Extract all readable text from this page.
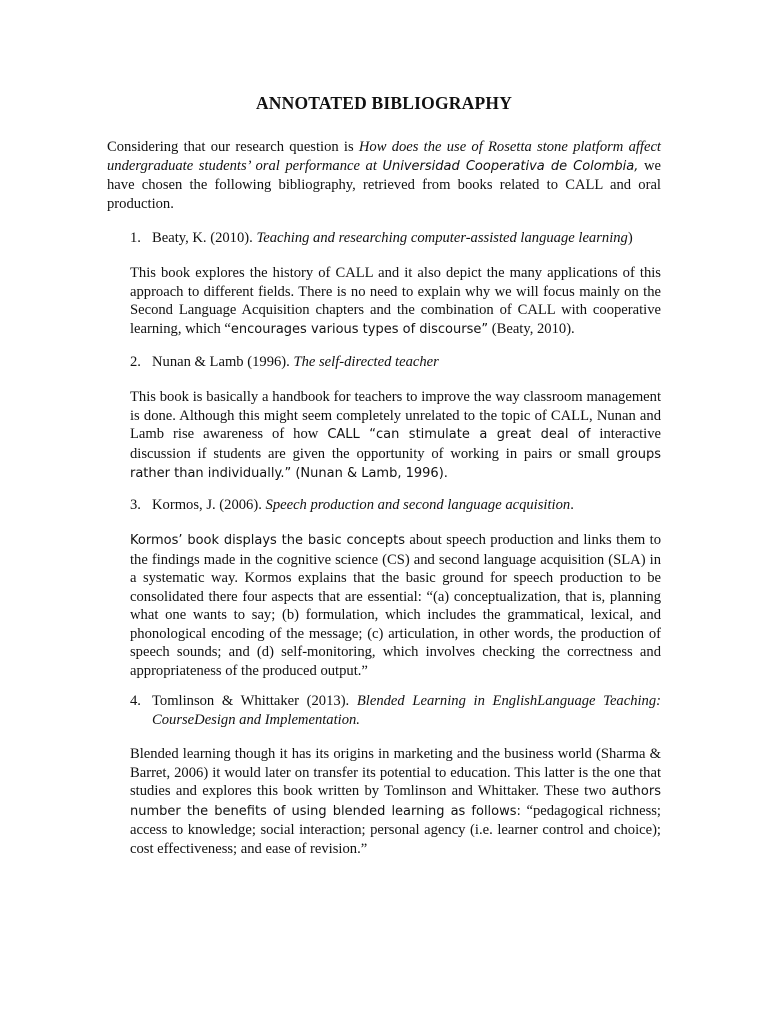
ANNOTATED BIBLIOGRAPHY

Considering that our research question is How does the use of Rosetta stone platform affect undergraduate students’ oral performance at Universidad Cooperativa de Colombia, we have chosen the following bibliography, retrieved from books related to CALL and oral production.

1. Beaty, K. (2010). Teaching and researching computer-assisted language learning)

This book explores the history of CALL and it also depict the many applications of this approach to different fields. There is no need to explain why we will focus mainly on the Second Language Acquisition chapters and the combination of CALL with cooperative learning, which “encourages various types of discourse” (Beaty, 2010).

2. Nunan & Lamb (1996). The self-directed teacher

This book is basically a handbook for teachers to improve the way classroom management is done. Although this might seem completely unrelated to the topic of CALL, Nunan and Lamb rise awareness of how CALL “can stimulate a great deal of interactive discussion if students are given the opportunity of working in pairs or small groups rather than individually.” (Nunan & Lamb, 1996).

3. Kormos, J. (2006). Speech production and second language acquisition.

Kormos’ book displays the basic concepts about speech production and links them to the findings made in the cognitive science (CS) and second language acquisition (SLA) in a systematic way. Kormos explains that the basic ground for speech production to be consolidated there four aspects that are essential: “(a) conceptualization, that is, planning what one wants to say; (b) formulation, which includes the grammatical, lexical, and phonological encoding of the message; (c) articulation, in other words, the production of speech sounds; and (d) self-monitoring, which involves checking the correctness and appropriateness of the produced output.”

4. Tomlinson & Whittaker (2013). Blended Learning in EnglishLanguage Teaching: CourseDesign and Implementation.

Blended learning though it has its origins in marketing and the business world (Sharma & Barret, 2006) it would later on transfer its potential to education. This latter is the one that studies and explores this book written by Tomlinson and Whittaker. These two authors number the benefits of using blended learning as follows: “pedagogical richness; access to knowledge; social interaction; personal agency (i.e. learner control and choice); cost effectiveness; and ease of revision.”
